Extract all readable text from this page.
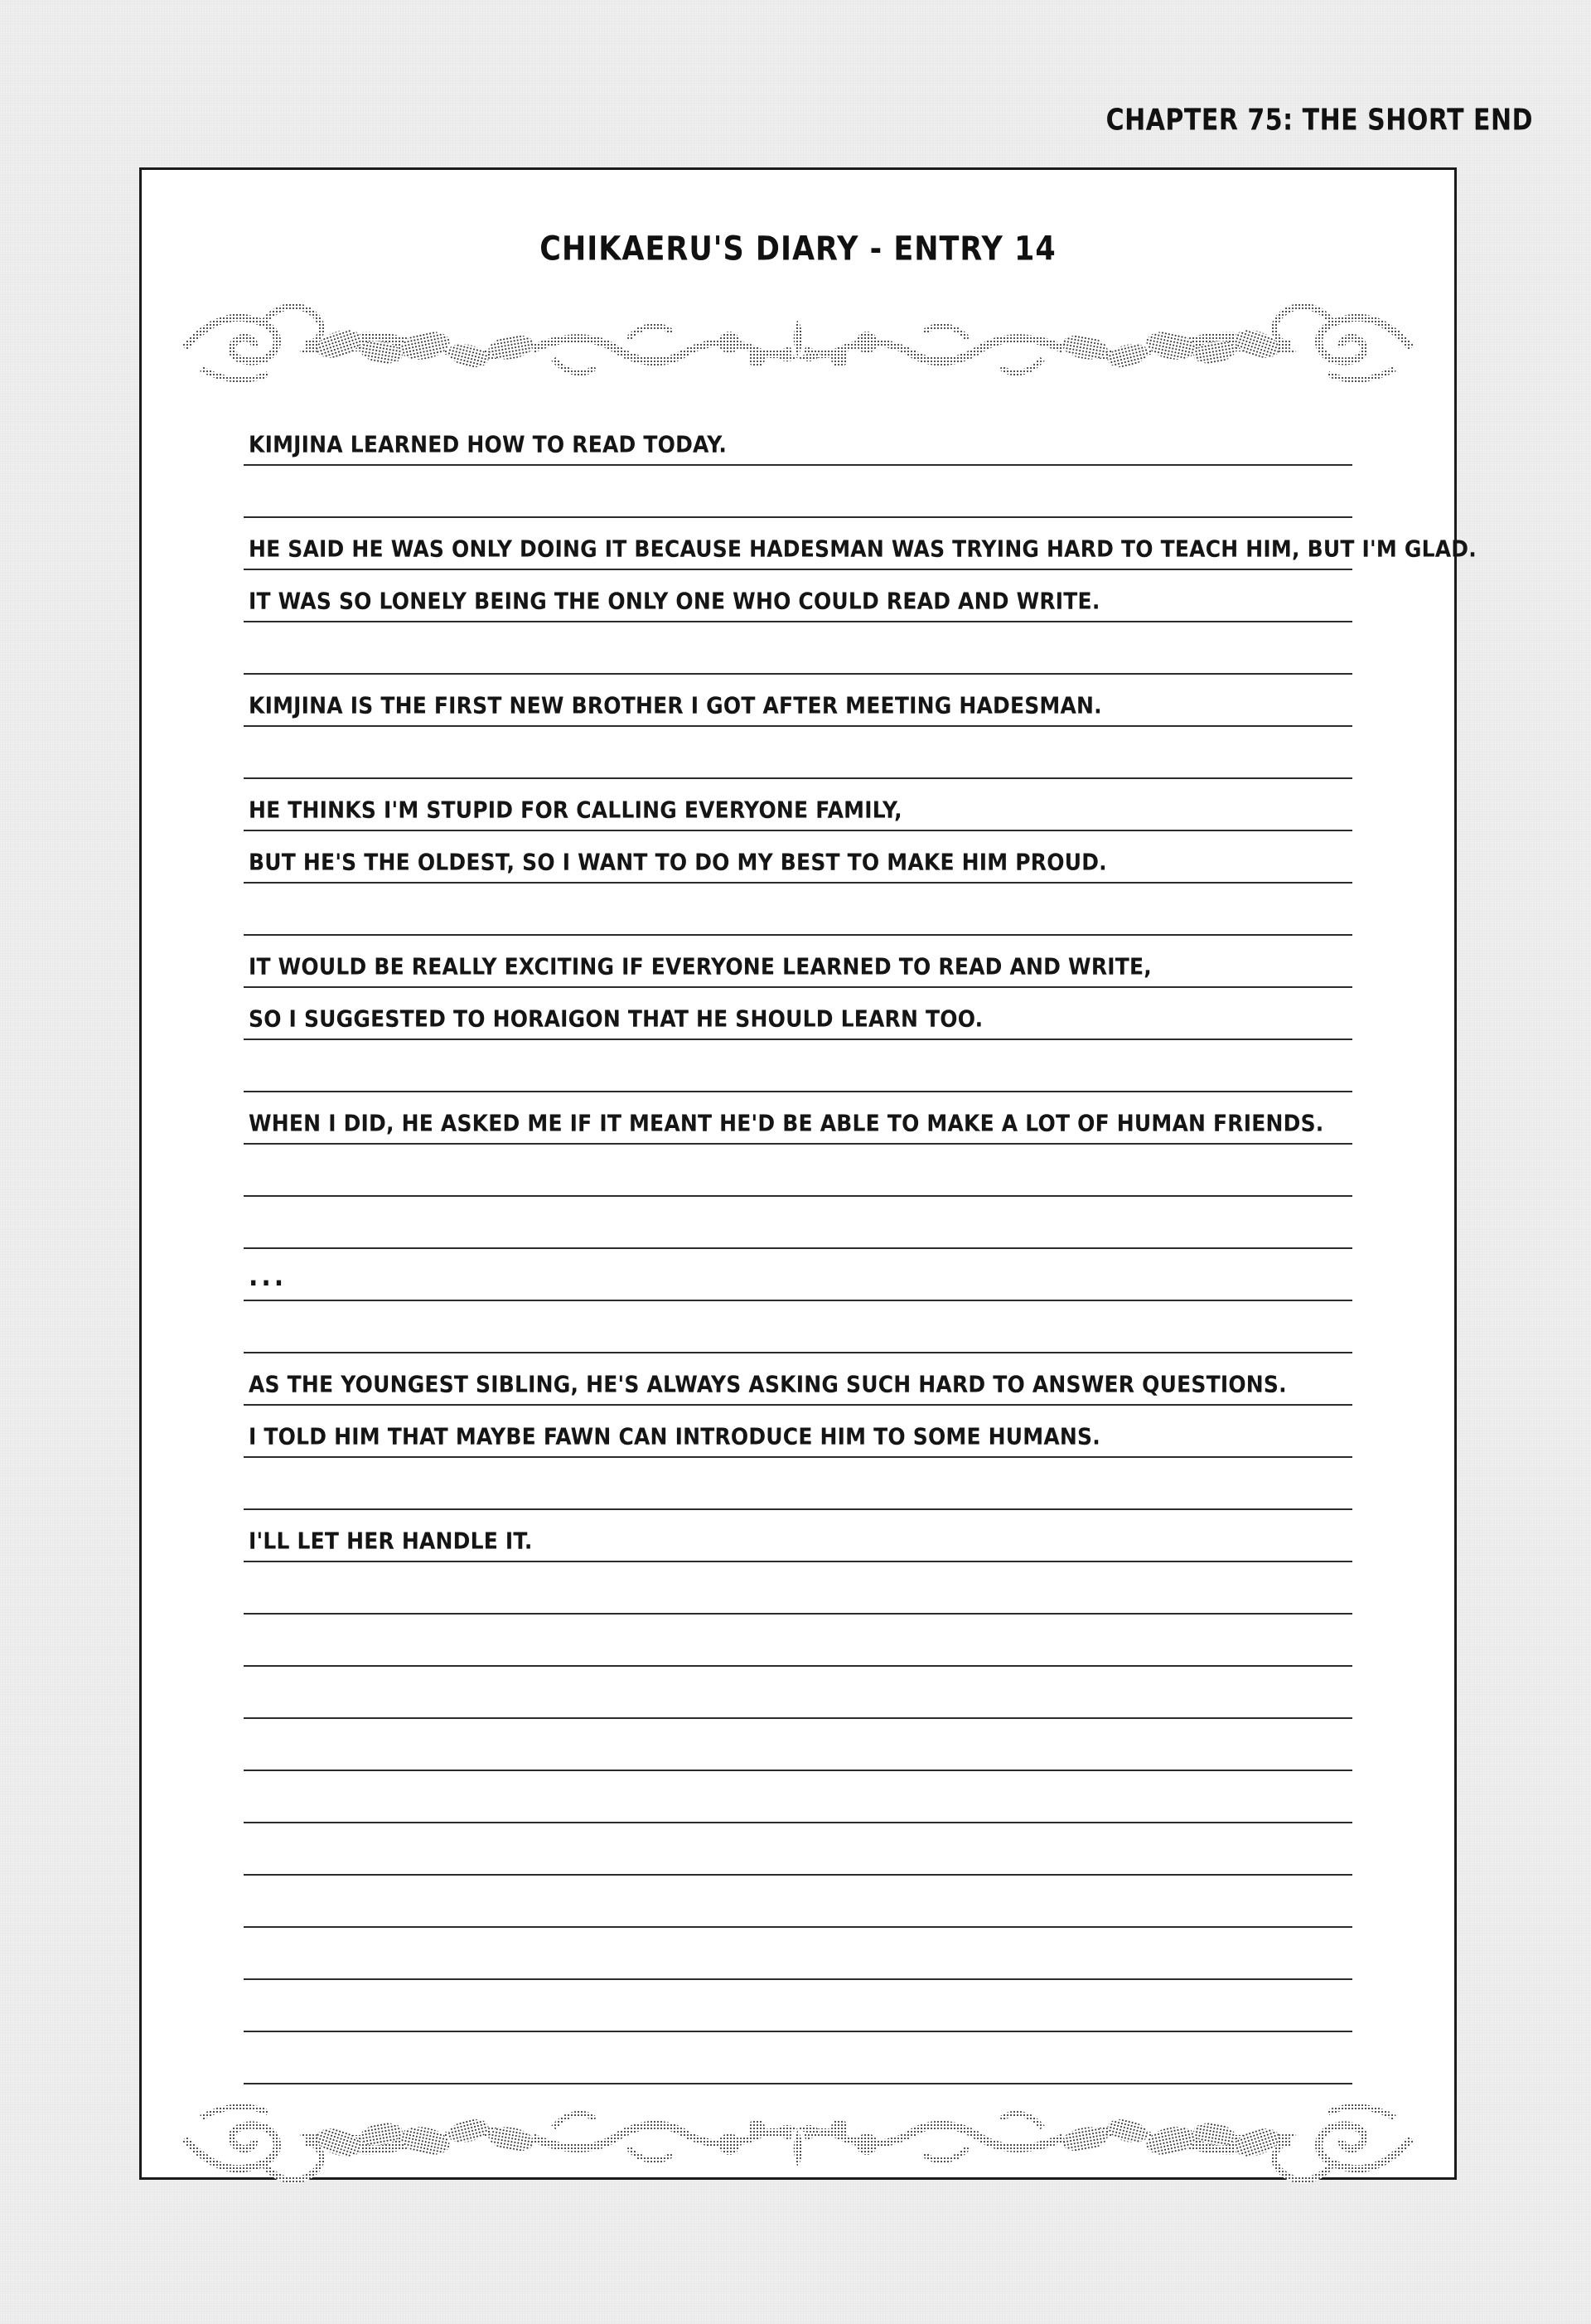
CHAPTER 75: THE SHORT END
CHIKAERU'S DIARY - ENTRY 14
KIMJINA LEARNED HOW TO READ TODAY.
HE SAID HE WAS ONLY DOING IT BECAUSE HADESMAN WAS TRYING HARD TO TEACH HIM, BUT I'M GLAD.
IT WAS SO LONELY BEING THE ONLY ONE WHO COULD READ AND WRITE.
KIMJINA IS THE FIRST NEW BROTHER I GOT AFTER MEETING HADESMAN.
HE THINKS I'M STUPID FOR CALLING EVERYONE FAMILY,
BUT HE'S THE OLDEST, SO I WANT TO DO MY BEST TO MAKE HIM PROUD.
IT WOULD BE REALLY EXCITING IF EVERYONE LEARNED TO READ AND WRITE,
SO I SUGGESTED TO HORAIGON THAT HE SHOULD LEARN TOO.
WHEN I DID, HE ASKED ME IF IT MEANT HE'D BE ABLE TO MAKE A LOT OF HUMAN FRIENDS.
...
AS THE YOUNGEST SIBLING, HE'S ALWAYS ASKING SUCH HARD TO ANSWER QUESTIONS.
I TOLD HIM THAT MAYBE FAWN CAN INTRODUCE HIM TO SOME HUMANS.
I'LL LET HER HANDLE IT.
